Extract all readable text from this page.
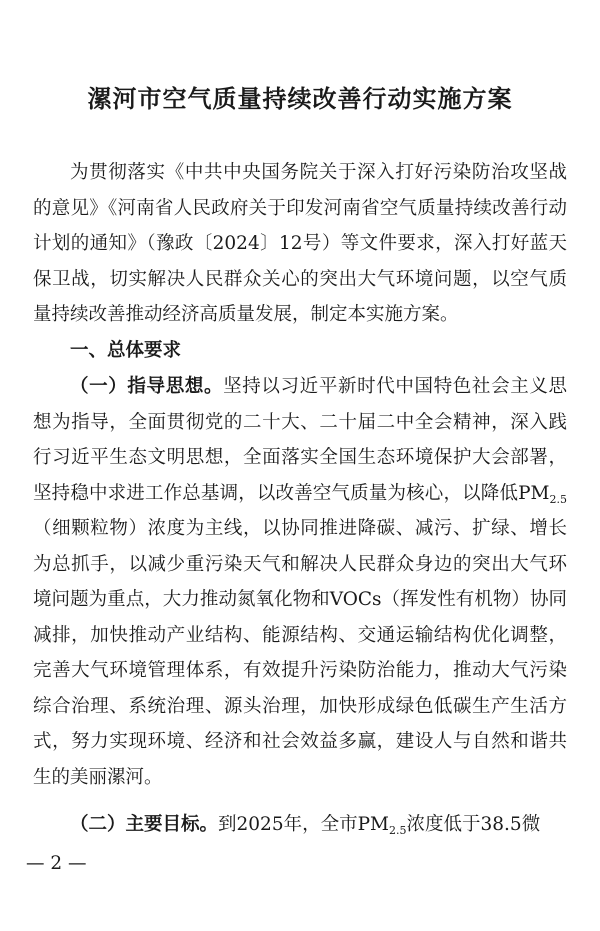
漯河市空气质量持续改善行动实施方案
为贯彻落实《中共中央国务院关于深入打好污染防治攻坚战的意见》《河南省人民政府关于印发河南省空气质量持续改善行动计划的通知》（豫政〔2024〕12号）等文件要求，深入打好蓝天保卫战，切实解决人民群众关心的突出大气环境问题，以空气质量持续改善推动经济高质量发展，制定本实施方案。
一、总体要求
（一）指导思想。坚持以习近平新时代中国特色社会主义思想为指导，全面贯彻党的二十大、二十届二中全会精神，深入践行习近平生态文明思想，全面落实全国生态环境保护大会部署，坚持稳中求进工作总基调，以改善空气质量为核心，以降低$PM_{2.5}$（细颗粒物）浓度为主线，以协同推进降碳、减污、扩绿、增长为总抓手，以减少重污染天气和解决人民群众身边的突出大气环境问题为重点，大力推动氮氧化物和VOCs（挥发性有机物）协同减排，加快推动产业结构、能源结构、交通运输结构优化调整，完善大气环境管理体系，有效提升污染防治能力，推动大气污染综合治理、系统治理、源头治理，加快形成绿色低碳生产生活方式，努力实现环境、经济和社会效益多赢，建设人与自然和谐共生的美丽漯河。
（二）主要目标。到2025年，全市$PM_{2.5}$浓度低于38.5微
— 2 —
